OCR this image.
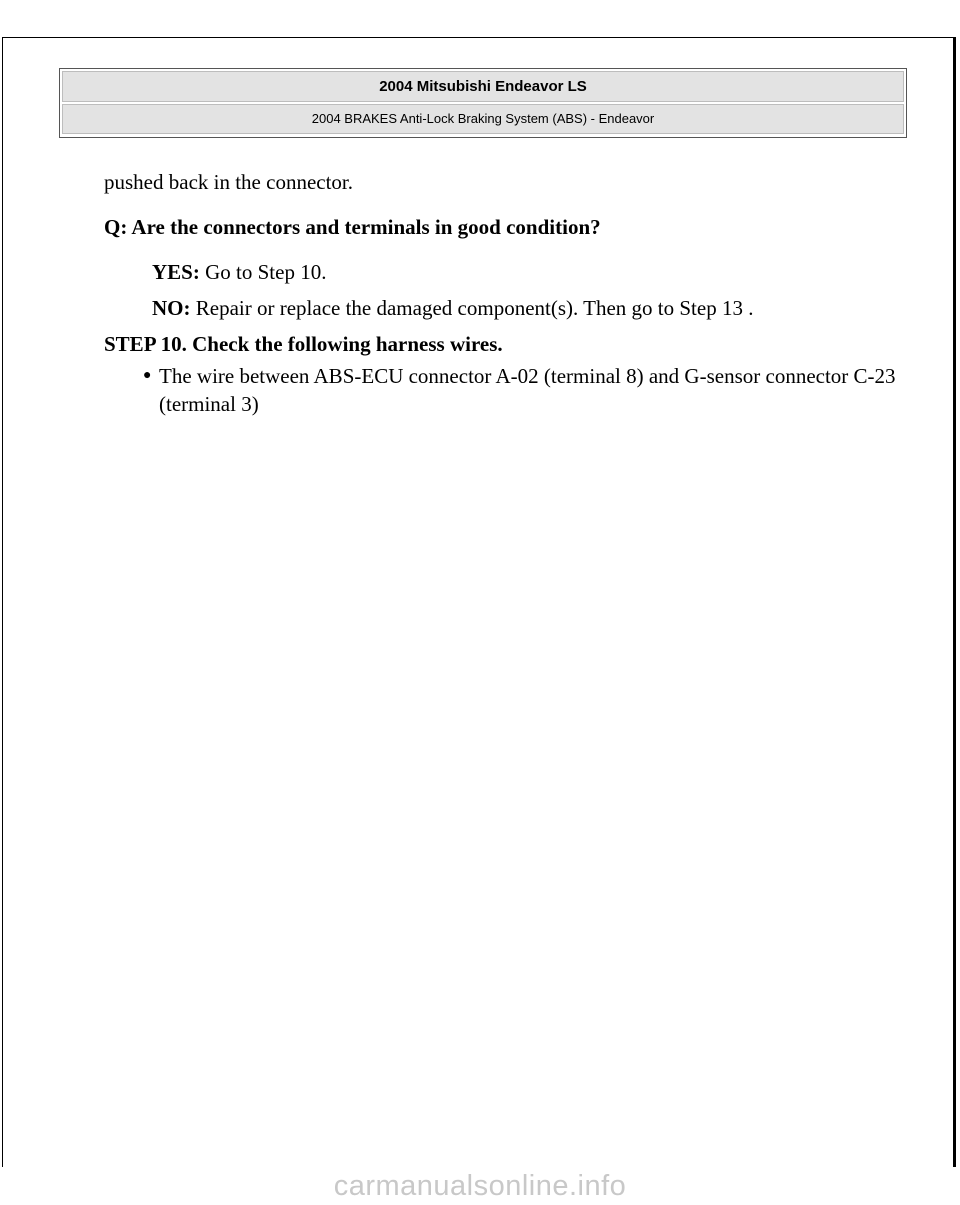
2004 Mitsubishi Endeavor LS
2004 BRAKES Anti-Lock Braking System (ABS) - Endeavor

pushed back in the connector.

Q: Are the connectors and terminals in good condition?

YES: Go to Step 10.

NO: Repair or replace the damaged component(s). Then go to Step 13 .

STEP 10. Check the following harness wires.

● The wire between ABS-ECU connector A-02 (terminal 8) and G-sensor connector C-23 (terminal 3)
carmanualsonline.info
